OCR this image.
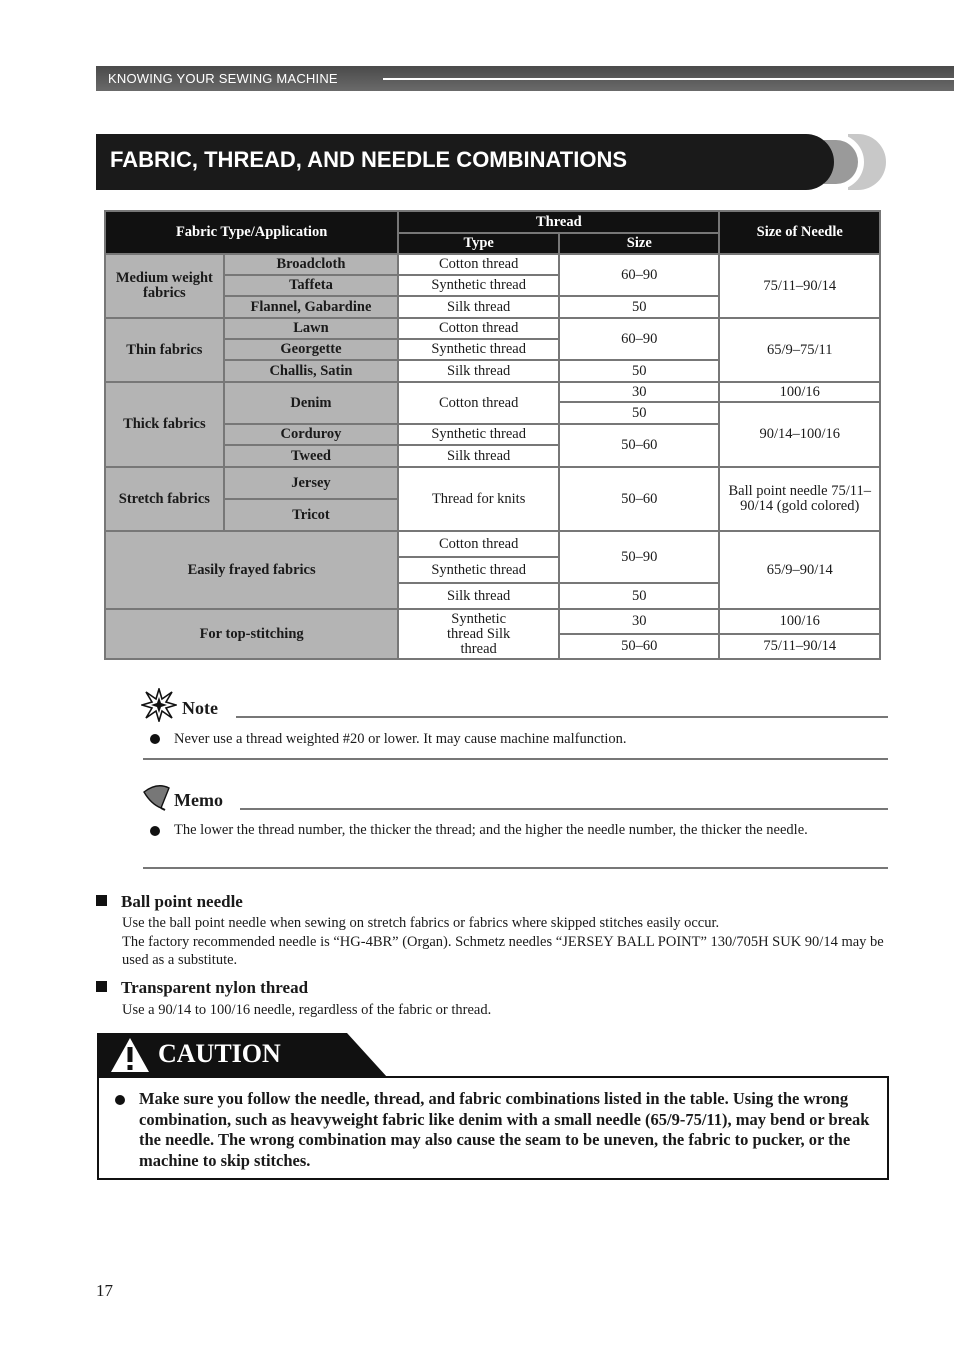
KNOWING YOUR SEWING MACHINE
FABRIC, THREAD, AND NEEDLE COMBINATIONS
Fabric Type/Application		Thread		Size of Needle
		Type	Size	
Medium weight fabrics	Broadcloth	Cotton thread	60–90	75/11–90/14
	Taffeta	Synthetic thread		
	Flannel, Gabardine	Silk thread	50	
Thin fabrics	Lawn	Cotton thread	60–90	65/9–75/11
	Georgette	Synthetic thread		
	Challis, Satin	Silk thread	50	
Thick fabrics	Denim	Cotton thread	30	100/16
			50	90/14–100/16
	Corduroy	Synthetic thread	50–60	
	Tweed	Silk thread		
Stretch fabrics	Jersey	Thread for knits	50–60	Ball point needle 75/11–90/14 (gold colored)
	Tricot			
Easily frayed fabrics		Cotton thread	50–90	65/9–90/14
		Synthetic thread		
		Silk thread	50	
For top-stitching		Synthetic thread Silk thread	30	100/16
			50–60	75/11–90/14
Note
Never use a thread weighted #20 or lower. It may cause machine malfunction.
Memo
The lower the thread number, the thicker the thread; and the higher the needle number, the thicker the needle.
Ball point needle
Use the ball point needle when sewing on stretch fabrics or fabrics where skipped stitches easily occur.
The factory recommended needle is “HG-4BR” (Organ). Schmetz needles “JERSEY BALL POINT” 130/705H SUK 90/14 may be used as a substitute.
Transparent nylon thread
Use a 90/14 to 100/16 needle, regardless of the fabric or thread.
CAUTION
Make sure you follow the needle, thread, and fabric combinations listed in the table. Using the wrong combination, such as heavyweight fabric like denim with a small needle (65/9-75/11), may bend or break the needle. The wrong combination may also cause the seam to be uneven, the fabric to pucker, or the machine to skip stitches.
17
